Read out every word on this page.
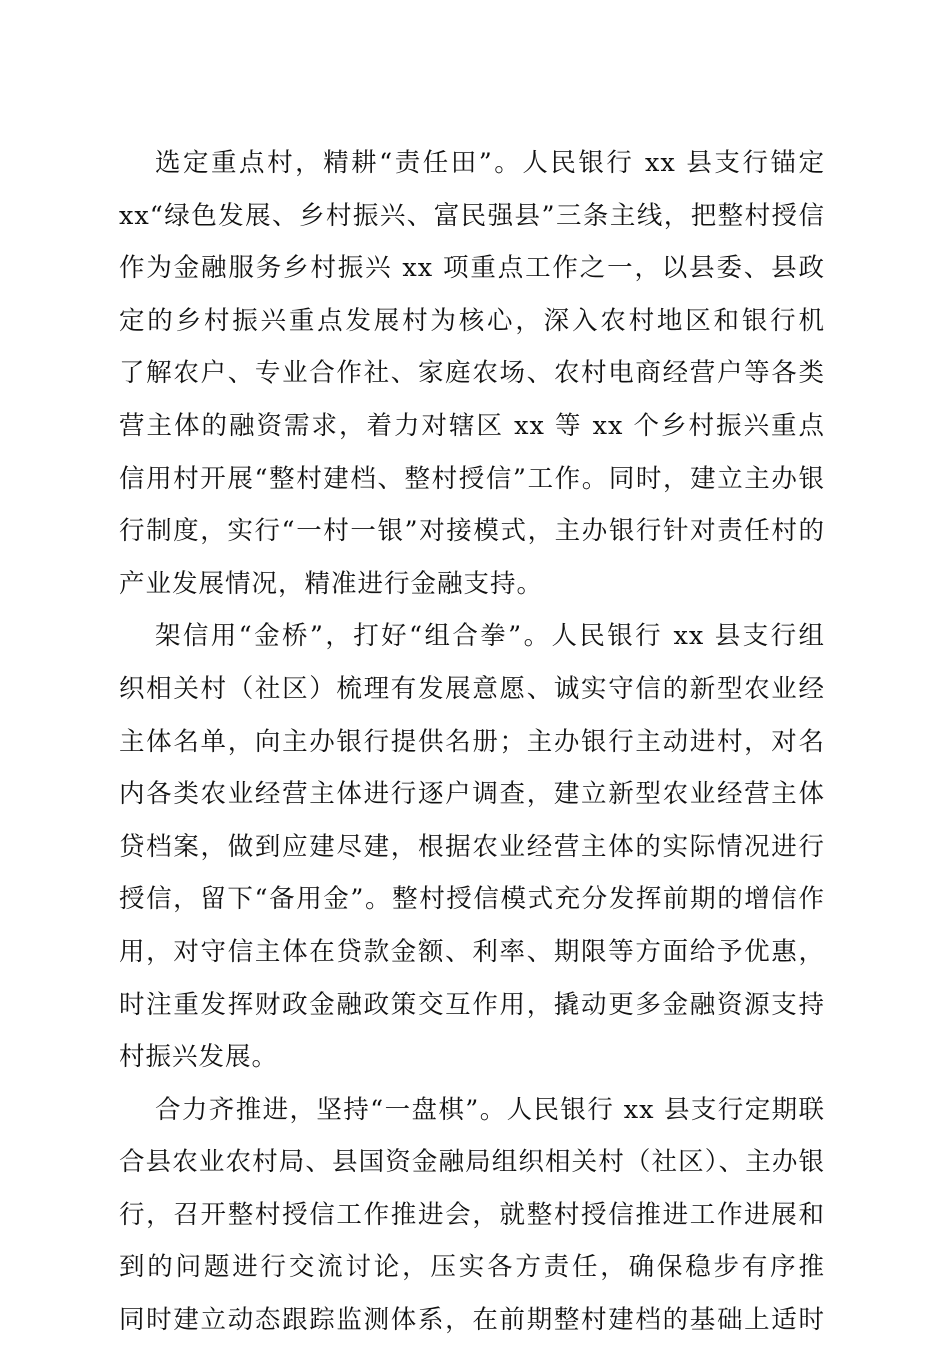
选定重点村，精耕“责任田”。人民银行 xx 县支行锚定
xx“绿色发展、乡村振兴、富民强县”三条主线，把整村授信
作为金融服务乡村振兴 xx 项重点工作之一，以县委、县政
定的乡村振兴重点发展村为核心，深入农村地区和银行机
了解农户、专业合作社、家庭农场、农村电商经营户等各类
营主体的融资需求，着力对辖区 xx 等 xx 个乡村振兴重点
信用村开展“整村建档、整村授信”工作。同时，建立主办银
行制度，实行“一村一银”对接模式，主办银行针对责任村的
产业发展情况，精准进行金融支持。
架信用“金桥”，打好“组合拳”。人民银行 xx 县支行组
织相关村（社区）梳理有发展意愿、诚实守信的新型农业经
主体名单，向主办银行提供名册；主办银行主动进村，对名
内各类农业经营主体进行逐户调查，建立新型农业经营主体
贷档案，做到应建尽建，根据农业经营主体的实际情况进行
授信，留下“备用金”。整村授信模式充分发挥前期的增信作
用，对守信主体在贷款金额、利率、期限等方面给予优惠，
时注重发挥财政金融政策交互作用，撬动更多金融资源支持
村振兴发展。
合力齐推进，坚持“一盘棋”。人民银行 xx 县支行定期联
合县农业农村局、县国资金融局组织相关村（社区）、主办银
行，召开整村授信工作推进会，就整村授信推进工作进展和
到的问题进行交流讨论，压实各方责任，确保稳步有序推
同时建立动态跟踪监测体系，在前期整村建档的基础上适时
